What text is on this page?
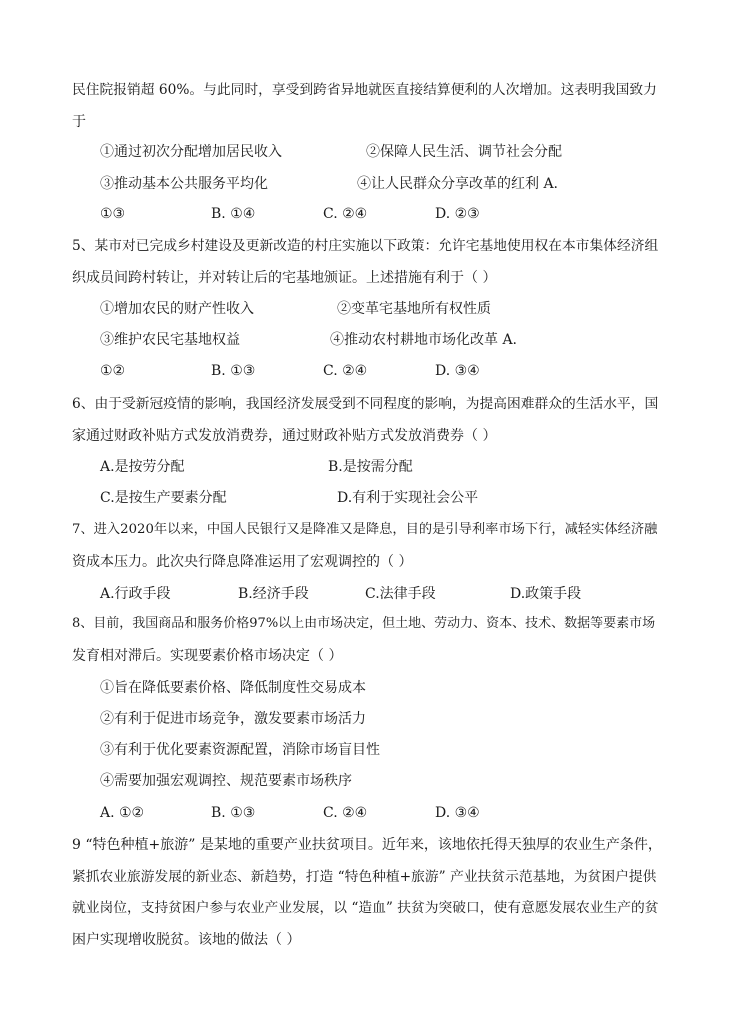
民住院报销超 60%。与此同时，享受到跨省异地就医直接结算便利的人次增加。这表明我国致力
于
①通过初次分配增加居民收入	②保障人民生活、调节社会分配
③推动基本公共服务平均化	④让人民群众分享改革的红利 A.
①③	B. ①④	C. ②④	D. ②③
5、某市对已完成乡村建设及更新改造的村庄实施以下政策：允许宅基地使用权在本市集体经济组
织成员间跨村转让，并对转让后的宅基地颁证。上述措施有利于（ ）
①增加农民的财产性收入	②变革宅基地所有权性质
③维护农民宅基地权益	④推动农村耕地市场化改革 A.
①②	B. ①③	C. ②④	D. ③④
6、由于受新冠疫情的影响，我国经济发展受到不同程度的影响，为提高困难群众的生活水平，国
家通过财政补贴方式发放消费券，通过财政补贴方式发放消费券（ ）
A.是按劳分配	B.是按需分配
C.是按生产要素分配	D.有利于实现社会公平
7、进入2020年以来，中国人民银行又是降准又是降息，目的是引导利率市场下行，减轻实体经济融
资成本压力。此次央行降息降准运用了宏观调控的（ ）
A.行政手段	B.经济手段	C.法律手段	D.政策手段
8、目前，我国商品和服务价格97%以上由市场决定，但土地、劳动力、资本、技术、数据等要素市场
发育相对滞后。实现要素价格市场决定（ ）
①旨在降低要素价格、降低制度性交易成本
②有利于促进市场竞争，激发要素市场活力
③有利于优化要素资源配置，消除市场盲目性
④需要加强宏观调控、规范要素市场秩序
A. ①②	B. ①③	C. ②④	D. ③④
9 “特色种植+旅游” 是某地的重要产业扶贫项目。近年来，该地依托得天独厚的农业生产条件，
紧抓农业旅游发展的新业态、新趋势，打造 “特色种植+旅游” 产业扶贫示范基地，为贫困户提供
就业岗位，支持贫困户参与农业产业发展，以 “造血” 扶贫为突破口，使有意愿发展农业生产的贫
困户实现增收脱贫。该地的做法（ ）
